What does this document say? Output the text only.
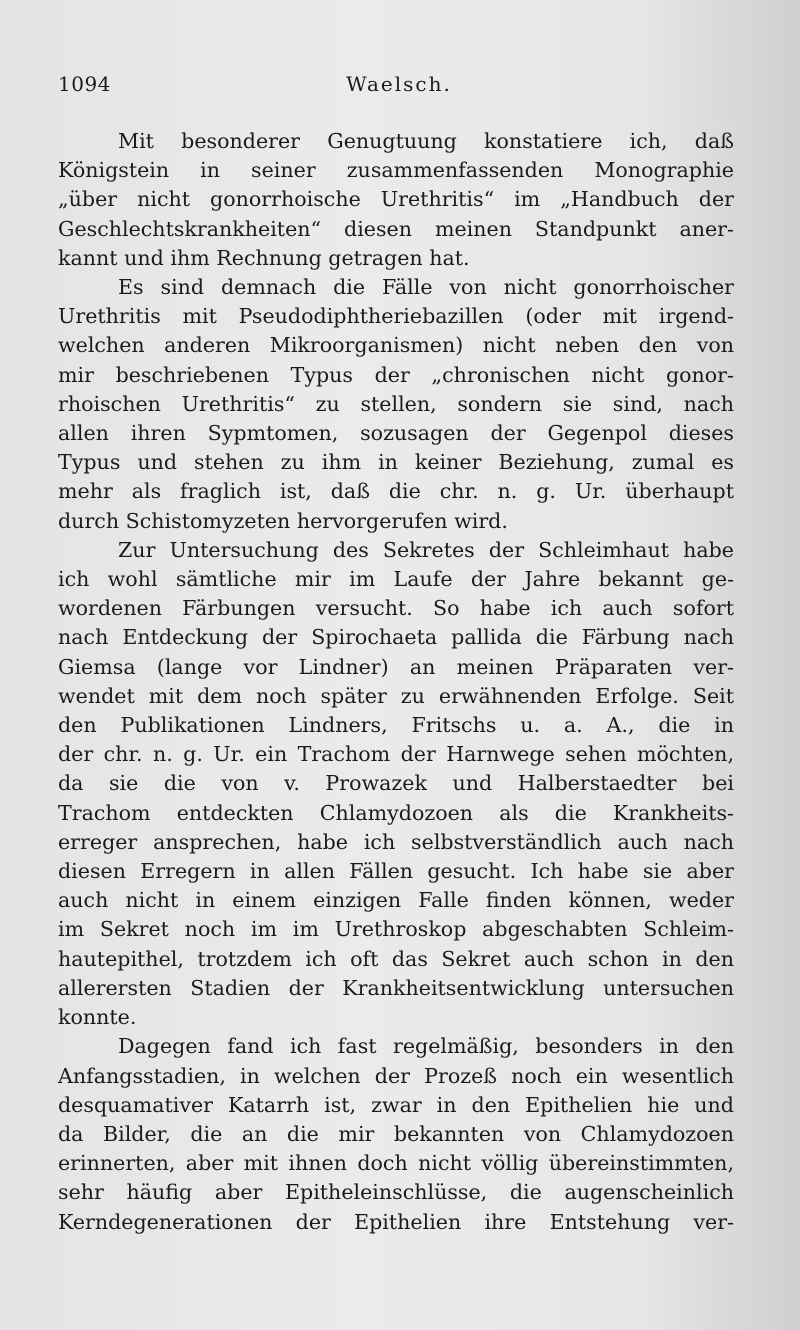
1094	Waelsch.
Mit besonderer Genugtuung konstatiere ich, daß
Königstein in seiner zusammenfassenden Monographie
„über nicht gonorrhoische Urethritis“ im „Handbuch der
Geschlechtskrankheiten“ diesen meinen Standpunkt aner-
kannt und ihm Rechnung getragen hat.
Es sind demnach die Fälle von nicht gonorrhoischer
Urethritis mit Pseudodiphtheriebazillen (oder mit irgend-
welchen anderen Mikroorganismen) nicht neben den von
mir beschriebenen Typus der „chronischen nicht gonor-
rhoischen Urethritis“ zu stellen, sondern sie sind, nach
allen ihren Sypmtomen, sozusagen der Gegenpol dieses
Typus und stehen zu ihm in keiner Beziehung, zumal es
mehr als fraglich ist, daß die chr. n. g. Ur. überhaupt
durch Schistomyzeten hervorgerufen wird.
Zur Untersuchung des Sekretes der Schleimhaut habe
ich wohl sämtliche mir im Laufe der Jahre bekannt ge-
wordenen Färbungen versucht. So habe ich auch sofort
nach Entdeckung der Spirochaeta pallida die Färbung nach
Giemsa (lange vor Lindner) an meinen Präparaten ver-
wendet mit dem noch später zu erwähnenden Erfolge. Seit
den Publikationen Lindners, Fritschs u. a. A., die in
der chr. n. g. Ur. ein Trachom der Harnwege sehen möchten,
da sie die von v. Prowazek und Halberstaedter bei
Trachom entdeckten Chlamydozoen als die Krankheits-
erreger ansprechen, habe ich selbstverständlich auch nach
diesen Erregern in allen Fällen gesucht. Ich habe sie aber
auch nicht in einem einzigen Falle finden können, weder
im Sekret noch im im Urethroskop abgeschabten Schleim-
hautepithel, trotzdem ich oft das Sekret auch schon in den
allerersten Stadien der Krankheitsentwicklung untersuchen
konnte.
Dagegen fand ich fast regelmäßig, besonders in den
Anfangsstadien, in welchen der Prozeß noch ein wesentlich
desquamativer Katarrh ist, zwar in den Epithelien hie und
da Bilder, die an die mir bekannten von Chlamydozoen
erinnerten, aber mit ihnen doch nicht völlig übereinstimmten,
sehr häufig aber Epitheleinschlüsse, die augenscheinlich
Kerndegenerationen der Epithelien ihre Entstehung ver-
